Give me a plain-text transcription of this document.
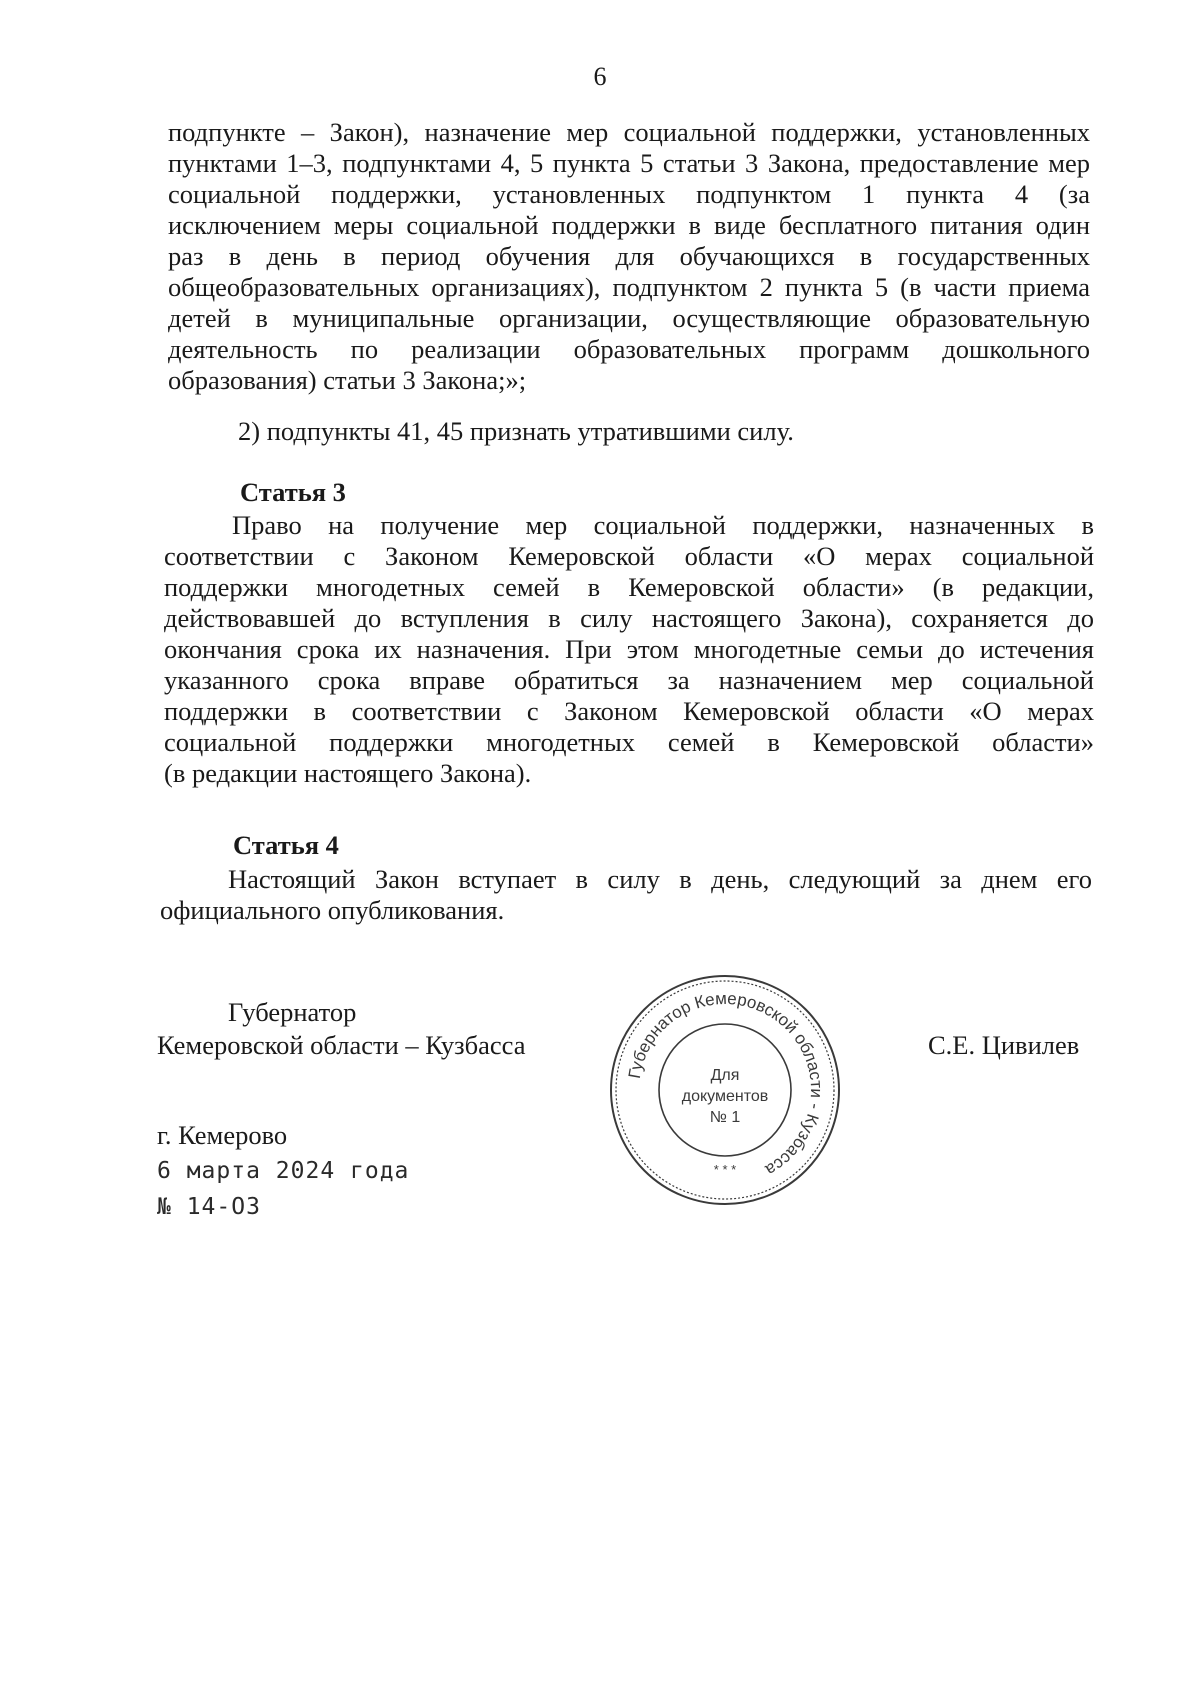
6
подпункте – Закон), назначение мер социальной поддержки, установленных
пунктами 1–3, подпунктами 4, 5 пункта 5 статьи 3 Закона, предоставление мер
социальной поддержки, установленных подпунктом 1 пункта 4 (за
исключением меры социальной поддержки в виде бесплатного питания один
раз в день в период обучения для обучающихся в государственных
общеобразовательных организациях), подпунктом 2 пункта 5 (в части приема
детей в муниципальные организации, осуществляющие образовательную
деятельность по реализации образовательных программ дошкольного
образования) статьи 3 Закона;»;
2) подпункты 41, 45 признать утратившими силу.
Статья 3
Право на получение мер социальной поддержки, назначенных в
соответствии с Законом Кемеровской области «О мерах социальной
поддержки многодетных семей в Кемеровской области» (в редакции,
действовавшей до вступления в силу настоящего Закона), сохраняется до
окончания срока их назначения. При этом многодетные семьи до истечения
указанного срока вправе обратиться за назначением мер социальной
поддержки в соответствии с Законом Кемеровской области «О мерах
социальной поддержки многодетных семей в Кемеровской области»
(в редакции настоящего Закона).
Статья 4
Настоящий Закон вступает в силу в день, следующий за днем его
официального опубликования.
Губернатор
Кемеровской области – Кузбасса	С.Е. Цивилев
Губернатор Кемеровской области - Кузбасса
Для
документов
№ 1
* * *
г. Кемерово
6 марта 2024 года
№ 14-ОЗ
